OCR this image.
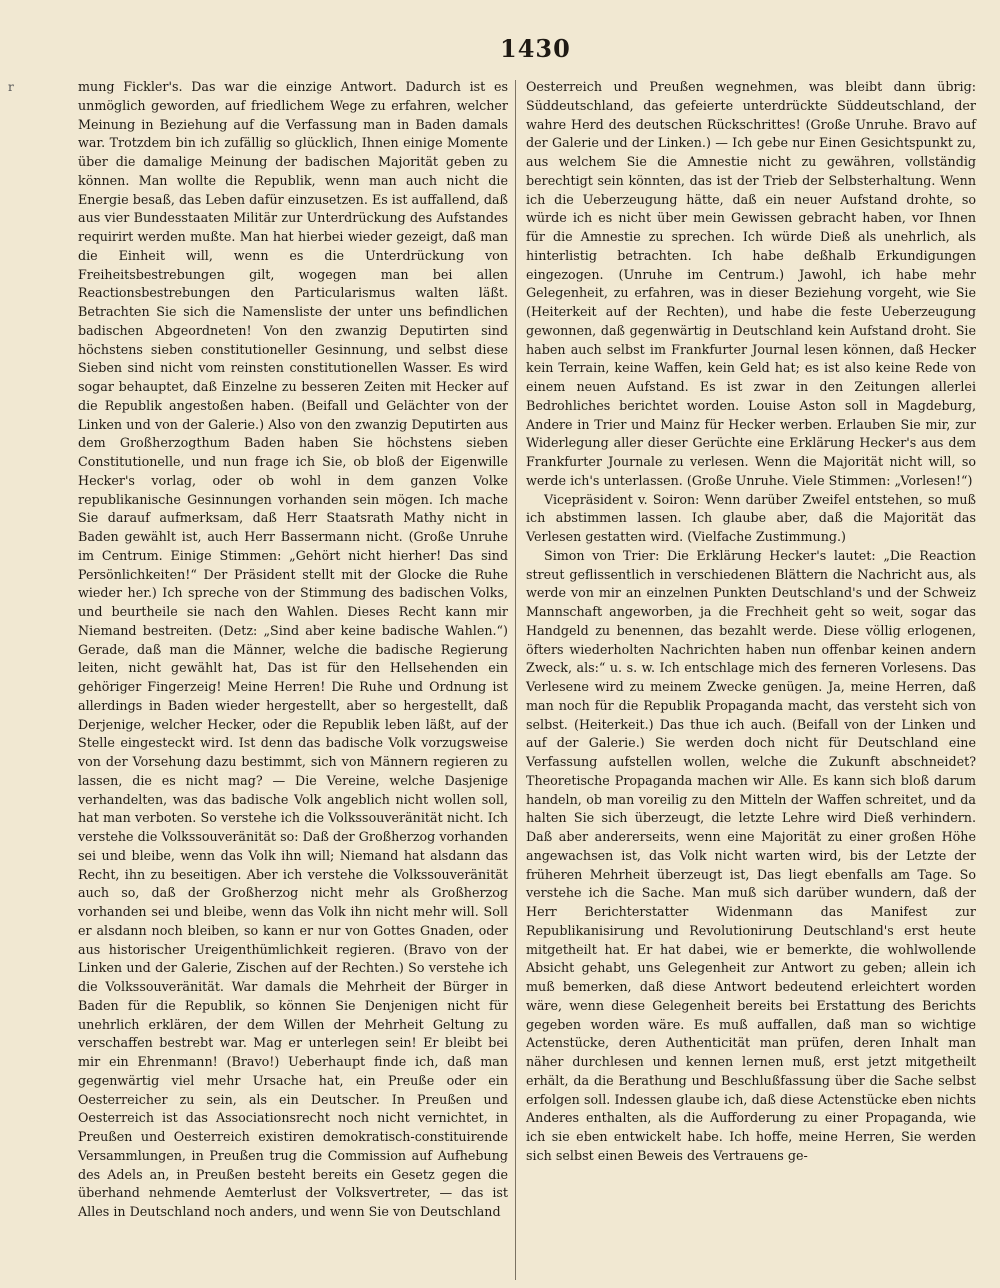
r
1430

mung Fickler's. Das war die einzige Antwort. Dadurch ist es unmöglich geworden, auf friedlichem Wege zu erfahren, welcher Meinung in Beziehung auf die Verfassung man in Baden damals war. Trotzdem bin ich zufällig so glücklich, Ihnen einige Momente über die damalige Meinung der badischen Majorität geben zu können. Man wollte die Republik, wenn man auch nicht die Energie besaß, das Leben dafür einzusetzen. Es ist auffallend, daß aus vier Bundesstaaten Militär zur Unterdrückung des Aufstandes requirirt werden mußte. Man hat hierbei wieder gezeigt, daß man die Einheit will, wenn es die Unterdrückung von Freiheitsbestrebungen gilt, wogegen man bei allen Reactionsbestrebungen den Particularismus walten läßt. Betrachten Sie sich die Namensliste der unter uns befindlichen badischen Abgeordneten! Von den zwanzig Deputirten sind höchstens sieben constitutioneller Gesinnung, und selbst diese Sieben sind nicht vom reinsten constitutionellen Wasser. Es wird sogar behauptet, daß Einzelne zu besseren Zeiten mit Hecker auf die Republik angestoßen haben. (Beifall und Gelächter von der Linken und von der Galerie.) Also von den zwanzig Deputirten aus dem Großherzogthum Baden haben Sie höchstens sieben Constitutionelle, und nun frage ich Sie, ob bloß der Eigenwille Hecker's vorlag, oder ob wohl in dem ganzen Volke republikanische Gesinnungen vorhanden sein mögen. Ich mache Sie darauf aufmerksam, daß Herr Staatsrath Mathy nicht in Baden gewählt ist, auch Herr Bassermann nicht. (Große Unruhe im Centrum. Einige Stimmen: „Gehört nicht hierher! Das sind Persönlichkeiten!“ Der Präsident stellt mit der Glocke die Ruhe wieder her.) Ich spreche von der Stimmung des badischen Volks, und beurtheile sie nach den Wahlen. Dieses Recht kann mir Niemand bestreiten. (Detz: „Sind aber keine badische Wahlen.“) Gerade, daß man die Männer, welche die badische Regierung leiten, nicht gewählt hat, Das ist für den Hellsehenden ein gehöriger Fingerzeig! Meine Herren! Die Ruhe und Ordnung ist allerdings in Baden wieder hergestellt, aber so hergestellt, daß Derjenige, welcher Hecker, oder die Republik leben läßt, auf der Stelle eingesteckt wird. Ist denn das badische Volk vorzugsweise von der Vorsehung dazu bestimmt, sich von Männern regieren zu lassen, die es nicht mag? — Die Vereine, welche Dasjenige verhandelten, was das badische Volk angeblich nicht wollen soll, hat man verboten. So verstehe ich die Volkssouveränität nicht. Ich verstehe die Volkssouveränität so: Daß der Großherzog vorhanden sei und bleibe, wenn das Volk ihn will; Niemand hat alsdann das Recht, ihn zu beseitigen. Aber ich verstehe die Volkssouveränität auch so, daß der Großherzog nicht mehr als Großherzog vorhanden sei und bleibe, wenn das Volk ihn nicht mehr will. Soll er alsdann noch bleiben, so kann er nur von Gottes Gnaden, oder aus historischer Ureigenthümlichkeit regieren. (Bravo von der Linken und der Galerie, Zischen auf der Rechten.) So verstehe ich die Volkssouveränität. War damals die Mehrheit der Bürger in Baden für die Republik, so können Sie Denjenigen nicht für unehrlich erklären, der dem Willen der Mehrheit Geltung zu verschaffen bestrebt war. Mag er unterlegen sein! Er bleibt bei mir ein Ehrenmann! (Bravo!) Ueberhaupt finde ich, daß man gegenwärtig viel mehr Ursache hat, ein Preuße oder ein Oesterreicher zu sein, als ein Deutscher. In Preußen und Oesterreich ist das Associationsrecht noch nicht vernichtet, in Preußen und Oesterreich existiren demokratisch-constituirende Versammlungen, in Preußen trug die Commission auf Aufhebung des Adels an, in Preußen besteht bereits ein Gesetz gegen die überhand nehmende Aemterlust der Volksvertreter, — das ist Alles in Deutschland noch anders, und wenn Sie von Deutschland

Oesterreich und Preußen wegnehmen, was bleibt dann übrig: Süddeutschland, das gefeierte unterdrückte Süddeutschland, der wahre Herd des deutschen Rückschrittes! (Große Unruhe. Bravo auf der Galerie und der Linken.) — Ich gebe nur Einen Gesichtspunkt zu, aus welchem Sie die Amnestie nicht zu gewähren, vollständig berechtigt sein könnten, das ist der Trieb der Selbsterhaltung. Wenn ich die Ueberzeugung hätte, daß ein neuer Aufstand drohte, so würde ich es nicht über mein Gewissen gebracht haben, vor Ihnen für die Amnestie zu sprechen. Ich würde Dieß als unehrlich, als hinterlistig betrachten. Ich habe deßhalb Erkundigungen eingezogen. (Unruhe im Centrum.) Jawohl, ich habe mehr Gelegenheit, zu erfahren, was in dieser Beziehung vorgeht, wie Sie (Heiterkeit auf der Rechten), und habe die feste Ueberzeugung gewonnen, daß gegenwärtig in Deutschland kein Aufstand droht. Sie haben auch selbst im Frankfurter Journal lesen können, daß Hecker kein Terrain, keine Waffen, kein Geld hat; es ist also keine Rede von einem neuen Aufstand. Es ist zwar in den Zeitungen allerlei Bedrohliches berichtet worden. Louise Aston soll in Magdeburg, Andere in Trier und Mainz für Hecker werben. Erlauben Sie mir, zur Widerlegung aller dieser Gerüchte eine Erklärung Hecker's aus dem Frankfurter Journale zu verlesen. Wenn die Majorität nicht will, so werde ich's unterlassen. (Große Unruhe. Viele Stimmen: „Vorlesen!“)

Vicepräsident v. Soiron: Wenn darüber Zweifel entstehen, so muß ich abstimmen lassen. Ich glaube aber, daß die Majorität das Verlesen gestatten wird. (Vielfache Zustimmung.)

Simon von Trier: Die Erklärung Hecker's lautet: „Die Reaction streut geflissentlich in verschiedenen Blättern die Nachricht aus, als werde von mir an einzelnen Punkten Deutschland's und der Schweiz Mannschaft angeworben, ja die Frechheit geht so weit, sogar das Handgeld zu benennen, das bezahlt werde. Diese völlig erlogenen, öfters wiederholten Nachrichten haben nun offenbar keinen andern Zweck, als:“ u. s. w. Ich entschlage mich des ferneren Vorlesens. Das Verlesene wird zu meinem Zwecke genügen. Ja, meine Herren, daß man noch für die Republik Propaganda macht, das versteht sich von selbst. (Heiterkeit.) Das thue ich auch. (Beifall von der Linken und auf der Galerie.) Sie werden doch nicht für Deutschland eine Verfassung aufstellen wollen, welche die Zukunft abschneidet? Theoretische Propaganda machen wir Alle. Es kann sich bloß darum handeln, ob man voreilig zu den Mitteln der Waffen schreitet, und da halten Sie sich überzeugt, die letzte Lehre wird Dieß verhindern. Daß aber andererseits, wenn eine Majorität zu einer großen Höhe angewachsen ist, das Volk nicht warten wird, bis der Letzte der früheren Mehrheit überzeugt ist, Das liegt ebenfalls am Tage. So verstehe ich die Sache. Man muß sich darüber wundern, daß der Herr Berichterstatter Widenmann das Manifest zur Republikanisirung und Revolutionirung Deutschland's erst heute mitgetheilt hat. Er hat dabei, wie er bemerkte, die wohlwollende Absicht gehabt, uns Gelegenheit zur Antwort zu geben; allein ich muß bemerken, daß diese Antwort bedeutend erleichtert worden wäre, wenn diese Gelegenheit bereits bei Erstattung des Berichts gegeben worden wäre. Es muß auffallen, daß man so wichtige Actenstücke, deren Authenticität man prüfen, deren Inhalt man näher durchlesen und kennen lernen muß, erst jetzt mitgetheilt erhält, da die Berathung und Beschlußfassung über die Sache selbst erfolgen soll. Indessen glaube ich, daß diese Actenstücke eben nichts Anderes enthalten, als die Aufforderung zu einer Propaganda, wie ich sie eben entwickelt habe. Ich hoffe, meine Herren, Sie werden sich selbst einen Beweis des Vertrauens ge-
